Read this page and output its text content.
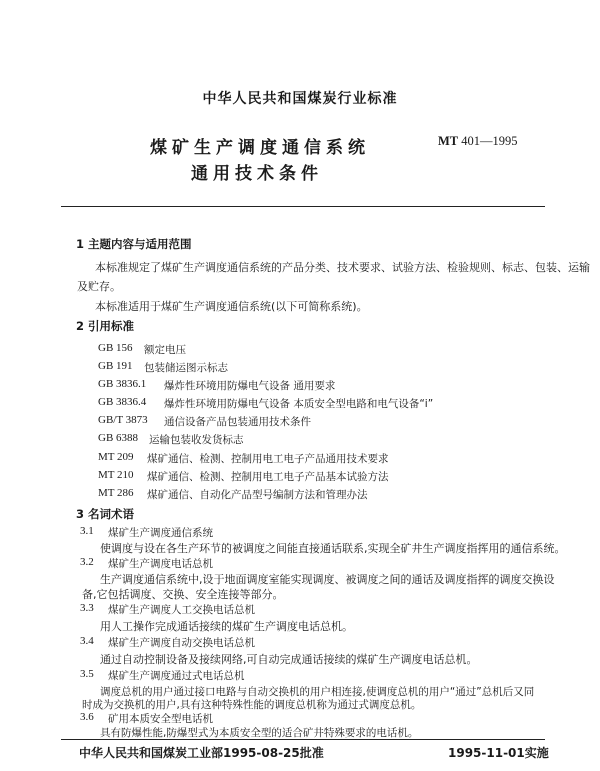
中华人民共和国煤炭行业标准
煤矿生产调度通信系统
通用技术条件
MT 401—1995
1 主题内容与适用范围
本标准规定了煤矿生产调度通信系统的产品分类、技术要求、试验方法、检验规则、标志、包装、运输
及贮存。
本标准适用于煤矿生产调度通信系统(以下可简称系统)。
2 引用标准
GB 156 额定电压
GB 191 包装储运图示标志
GB 3836.1 爆炸性环境用防爆电气设备 通用要求
GB 3836.4 爆炸性环境用防爆电气设备 本质安全型电路和电气设备“i”
GB/T 3873 通信设备产品包装通用技术条件
GB 6388 运输包装收发货标志
MT 209 煤矿通信、检测、控制用电工电子产品通用技术要求
MT 210 煤矿通信、检测、控制用电工电子产品基本试验方法
MT 286 煤矿通信、自动化产品型号编制方法和管理办法
3 名词术语
3.1 煤矿生产调度通信系统
使调度与设在各生产环节的被调度之间能直接通话联系,实现全矿井生产调度指挥用的通信系统。
3.2 煤矿生产调度电话总机
生产调度通信系统中,设于地面调度室能实现调度、被调度之间的通话及调度指挥的调度交换设
备,它包括调度、交换、安全连接等部分。
3.3 煤矿生产调度人工交换电话总机
用人工操作完成通话接续的煤矿生产调度电话总机。
3.4 煤矿生产调度自动交换电话总机
通过自动控制设备及接续网络,可自动完成通话接续的煤矿生产调度电话总机。
3.5 煤矿生产调度通过式电话总机
中华人民共和国煤炭工业部1995-08-25批准	1995-11-01实施
调度总机的用户通过接口电路与自动交换机的用户相连接,使调度总机的用户“通过”总机后又同
时成为交换机的用户,具有这种特殊性能的调度总机称为通过式调度总机。
3.6 矿用本质安全型电话机
具有防爆性能,防爆型式为本质安全型的适合矿井特殊要求的电话机。
